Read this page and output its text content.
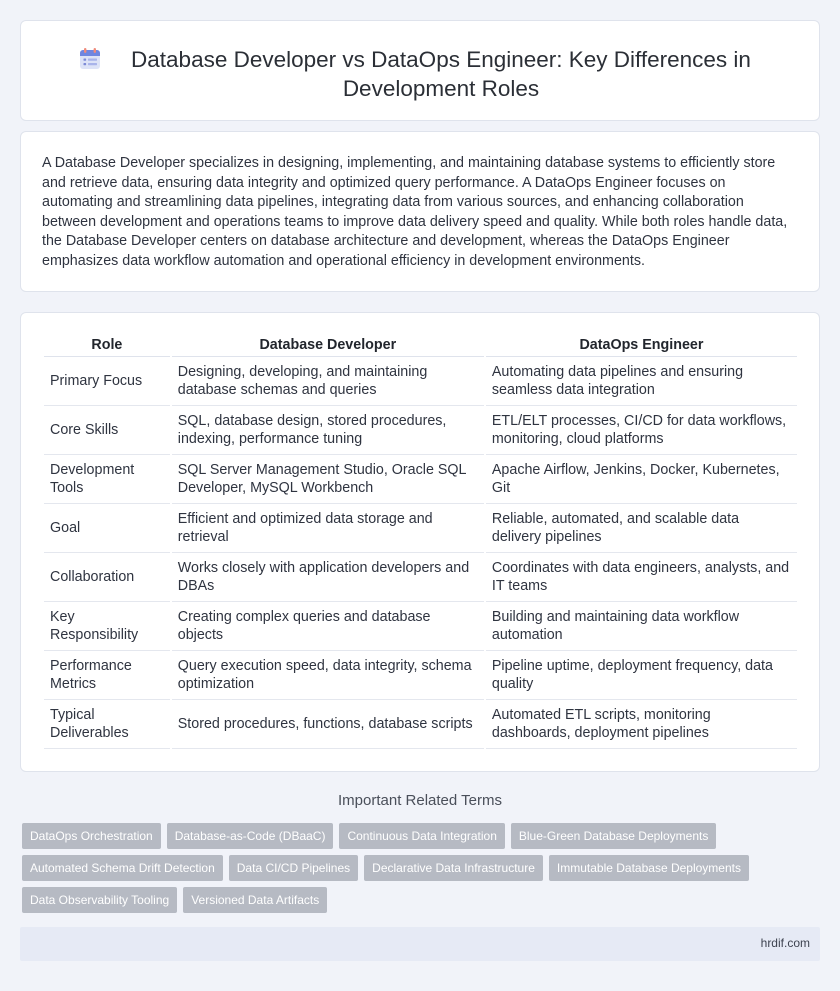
Database Developer vs DataOps Engineer: Key Differences in Development Roles

A Database Developer specializes in designing, implementing, and maintaining database systems to efficiently store and retrieve data, ensuring data integrity and optimized query performance. A DataOps Engineer focuses on automating and streamlining data pipelines, integrating data from various sources, and enhancing collaboration between development and operations teams to improve data delivery speed and quality. While both roles handle data, the Database Developer centers on database architecture and development, whereas the DataOps Engineer emphasizes data workflow automation and operational efficiency in development environments.

Role	Database Developer	DataOps Engineer
Primary Focus	Designing, developing, and maintaining database schemas and queries	Automating data pipelines and ensuring seamless data integration
Core Skills	SQL, database design, stored procedures, indexing, performance tuning	ETL/ELT processes, CI/CD for data workflows, monitoring, cloud platforms
Development Tools	SQL Server Management Studio, Oracle SQL Developer, MySQL Workbench	Apache Airflow, Jenkins, Docker, Kubernetes, Git
Goal	Efficient and optimized data storage and retrieval	Reliable, automated, and scalable data delivery pipelines
Collaboration	Works closely with application developers and DBAs	Coordinates with data engineers, analysts, and IT teams
Key Responsibility	Creating complex queries and database objects	Building and maintaining data workflow automation
Performance Metrics	Query execution speed, data integrity, schema optimization	Pipeline uptime, deployment frequency, data quality
Typical Deliverables	Stored procedures, functions, database scripts	Automated ETL scripts, monitoring dashboards, deployment pipelines
Important Related Terms
DataOps Orchestration	Database-as-Code (DBaaC)	Continuous Data Integration	Blue-Green Database Deployments
Automated Schema Drift Detection	Data CI/CD Pipelines	Declarative Data Infrastructure	Immutable Database Deployments
Data Observability Tooling	Versioned Data Artifacts
hrdif.com
